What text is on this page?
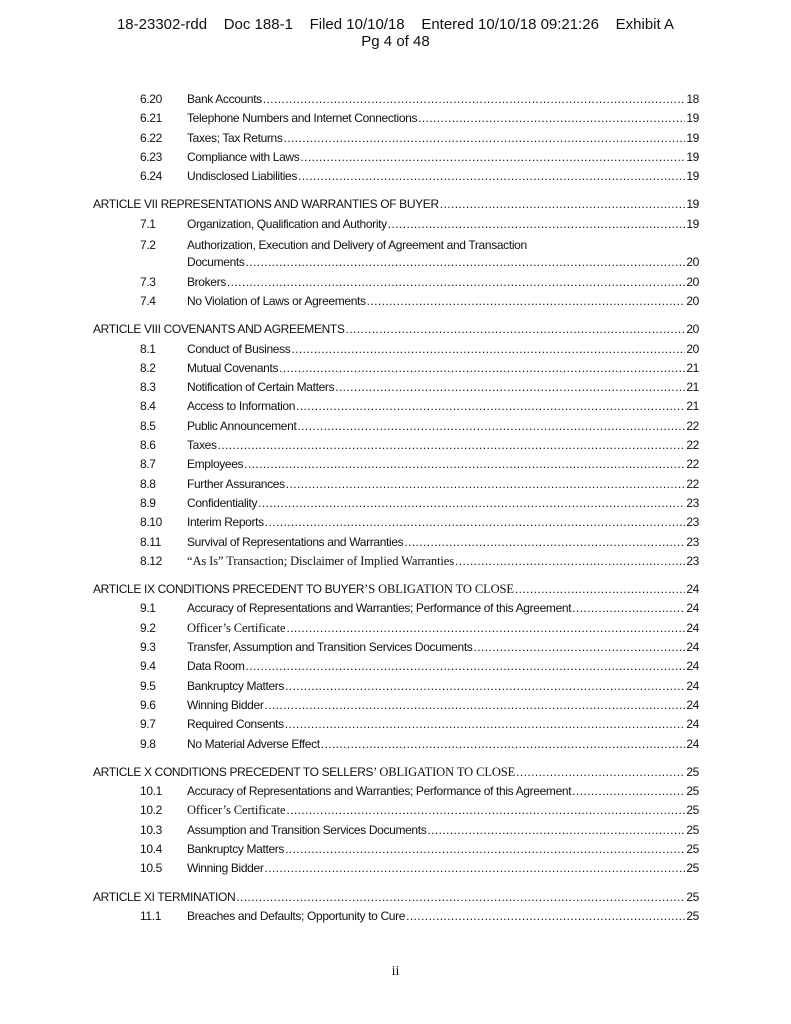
18-23302-rdd    Doc 188-1    Filed 10/10/18    Entered 10/10/18 09:21:26    Exhibit A
Pg 4 of 48
6.20	Bank Accounts .....	18
6.21	Telephone Numbers and Internet Connections .....	19
6.22	Taxes; Tax Returns .....	19
6.23	Compliance with Laws .....	19
6.24	Undisclosed Liabilities .....	19
ARTICLE VII REPRESENTATIONS AND WARRANTIES OF BUYER .....	19
7.1	Organization, Qualification and Authority .....	19
7.2	Authorization, Execution and Delivery of Agreement and Transaction
Documents .....	20
7.3	Brokers .....	20
7.4	No Violation of Laws or Agreements .....	20
ARTICLE VIII COVENANTS AND AGREEMENTS .....	20
8.1	Conduct of Business .....	20
8.2	Mutual Covenants .....	21
8.3	Notification of Certain Matters .....	21
8.4	Access to Information .....	21
8.5	Public Announcement .....	22
8.6	Taxes .....	22
8.7	Employees .....	22
8.8	Further Assurances .....	22
8.9	Confidentiality .....	23
8.10	Interim Reports .....	23
8.11	Survival of Representations and Warranties .....	23
8.12	“As Is” Transaction; Disclaimer of Implied Warranties .....	23
ARTICLE IX CONDITIONS PRECEDENT TO BUYER’S OBLIGATION TO CLOSE .....	24
9.1	Accuracy of Representations and Warranties; Performance of this Agreement .....	24
9.2	Officer’s Certificate .....	24
9.3	Transfer, Assumption and Transition Services Documents .....	24
9.4	Data Room .....	24
9.5	Bankruptcy Matters .....	24
9.6	Winning Bidder .....	24
9.7	Required Consents .....	24
9.8	No Material Adverse Effect .....	24
ARTICLE X CONDITIONS PRECEDENT TO SELLERS’ OBLIGATION TO CLOSE .....	25
10.1	Accuracy of Representations and Warranties; Performance of this Agreement .....	25
10.2	Officer’s Certificate .....	25
10.3	Assumption and Transition Services Documents .....	25
10.4	Bankruptcy Matters .....	25
10.5	Winning Bidder .....	25
ARTICLE XI TERMINATION .....	25
11.1	Breaches and Defaults; Opportunity to Cure .....	25
ii
